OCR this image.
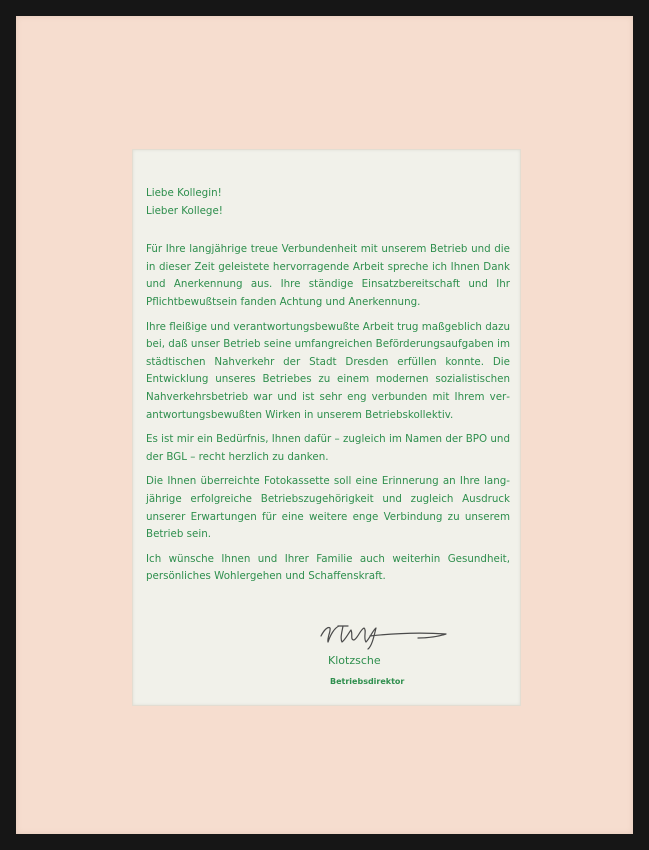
Liebe Kollegin!

Lieber Kollege!

Für Ihre langjährige treue Verbundenheit mit unserem Betrieb und die in dieser Zeit geleistete hervorragende Arbeit spreche ich Ihnen Dank und Anerkennung aus. Ihre ständige Einsatzbereitschaft und Ihr Pflichtbewußtsein fanden Achtung und Anerkennung.

Ihre fleißige und verantwortungsbewußte Arbeit trug maßgeblich dazu bei, daß unser Betrieb seine umfangreichen Beförderungsaufgaben im städtischen Nahverkehr der Stadt Dresden erfüllen konnte. Die Entwicklung unseres Betriebes zu einem modernen sozialistischen Nahverkehrsbetrieb war und ist sehr eng verbunden mit Ihrem verantwortungsbewußten Wirken in unserem Betriebskollektiv.

Es ist mir ein Bedürfnis, Ihnen dafür – zugleich im Namen der BPO und der BGL – recht herzlich zu danken.

Die Ihnen überreichte Fotokassette soll eine Erinnerung an Ihre langjährige erfolgreiche Betriebszugehörigkeit und zugleich Ausdruck unserer Erwartungen für eine weitere enge Verbindung zu unserem Betrieb sein.

Ich wünsche Ihnen und Ihrer Familie auch weiterhin Gesundheit, persönliches Wohlergehen und Schaffenskraft.

Klotzsche
Betriebsdirektor
